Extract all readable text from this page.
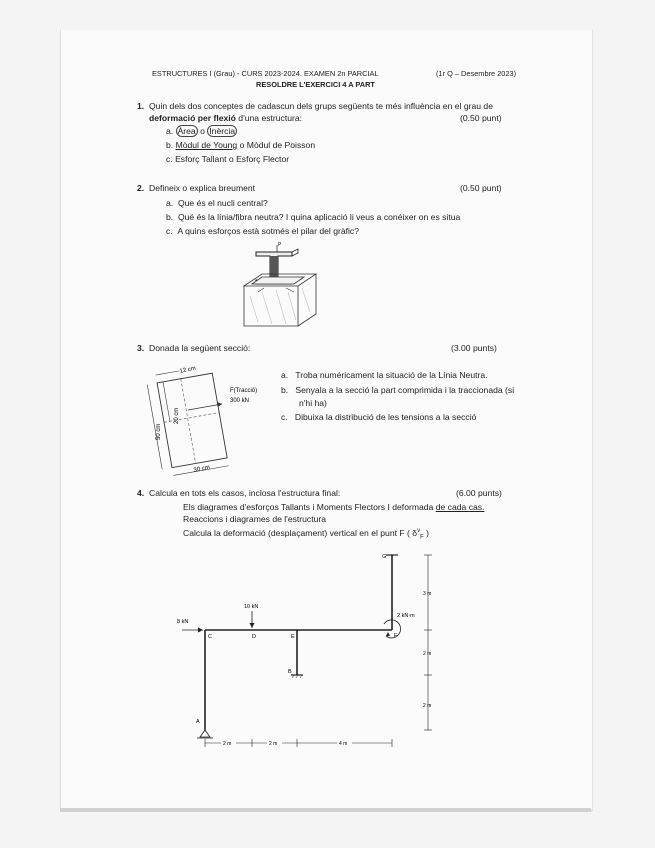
ESTRUCTURES I (Grau) - CURS 2023-2024. EXAMEN 2n PARCIAL	(1r Q – Desembre 2023)
RESOLDRE L'EXERCICI 4 A PART
1. Quin dels dos conceptes de cadascun dels grups següents te més influència en el grau de
deformació per flexió d'una estructura:	(0.50 punt)
a. Àrea o Inèrcia
b. Mòdul de Young o Mòdul de Poisson
c. Esforç Tallant o Esforç Flector
2. Defineix o explica breument	(0.50 punt)
a. Que és el nucli central?
b. Qué és la línia/fibra neutra? I quina aplicació li veus a conéixer on es situa
c. A quins esforços està sotmés el pilar del gràfic?
P
3. Donada la següent secció:	(3.00 punts)
a. Troba numéricament la situació de la Línia Neutra.
b. Senyala a la secció la part comprimida i la traccionada (si
n'hi ha)
c. Dibuixa la distribució de les tensions a la secció
12 cm
20 cm
50 cm
30 cm
F(Tracció)
300 kN
4. Calcula en tots els casos, inclosa l'estructura final:	(6.00 punts)
Els diagrames d'esforços Tallants i Moments Flectors I deformada de cada cas.
Reaccions i diagrames de l'estructura
Calcula la deformació (desplaçament) vertical en el punt F ( $\delta^v_F$ )
8 kN
10 kN
2 kN·m
A
B
C	D	E	F
G
2 m	2 m	4 m
3 m
2 m
2 m
